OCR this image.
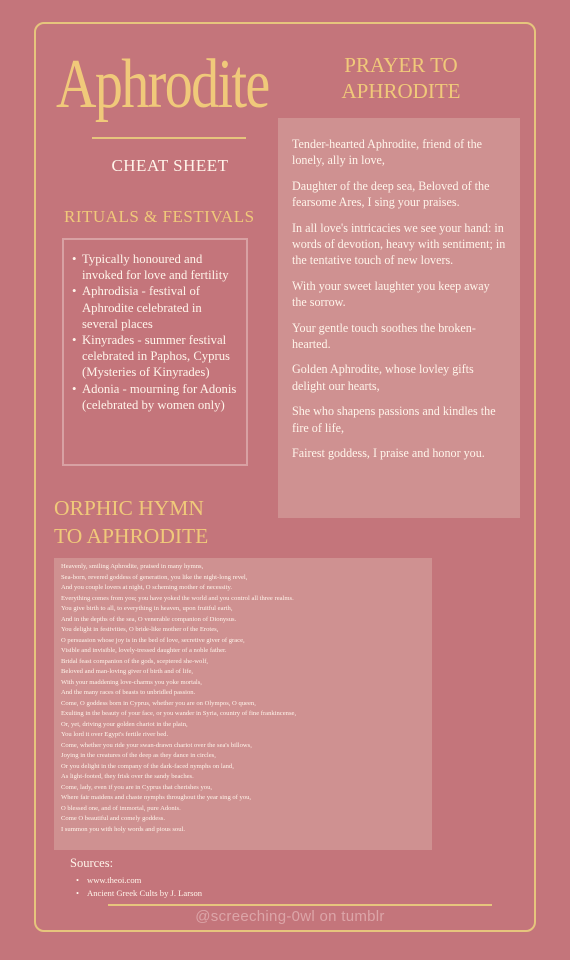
Aphrodite
CHEAT SHEET
RITUALS & FESTIVALS
• Typically honoured and invoked for love and fertility
• Aphrodisia - festival of Aphrodite celebrated in several places
• Kinyrades - summer festival celebrated in Paphos, Cyprus (Mysteries of Kinyrades)
• Adonia - mourning for Adonis (celebrated by women only)
PRAYER TO APHRODITE

Tender-hearted Aphrodite, friend of the lonely, ally in love,

Daughter of the deep sea, Beloved of the fearsome Ares, I sing your praises.

In all love's intricacies we see your hand: in words of devotion, heavy with sentiment; in the tentative touch of new lovers.

With your sweet laughter you keep away the sorrow.

Your gentle touch soothes the broken-hearted.

Golden Aphrodite, whose lovley gifts delight our hearts,

She who shapens passions and kindles the fire of life,

Fairest goddess, I praise and honor you.

ORPHIC HYMN
TO APHRODITE
Heavenly, smiling Aphrodite, praised in many hymns,
Sea-born, revered goddess of generation, you like the night-long revel,
And you couple lovers at night, O scheming mother of necessity.
Everything comes from you; you have yoked the world and you control all three realms.
You give birth to all, to everything in heaven, upon fruitful earth,
And in the depths of the sea, O venerable companion of Dionysus.
You delight in festivities, O bride-like mother of the Erotes,
O persuasion whose joy is in the bed of love, secretive giver of grace,
Visible and invisible, lovely-tressed daughter of a noble father.
Bridal feast companion of the gods, sceptered she-wolf,
Beloved and man-loving giver of birth and of life,
With your maddening love-charms you yoke mortals,
And the many races of beasts to unbridled passion.
Come, O goddess born in Cyprus, whether you are on Olympos, O queen,
Exulting in the beauty of your face, or you wander in Syria, country of fine frankincense,
Or, yet, driving your golden chariot in the plain,
You lord it over Egypt's fertile river bed.
Come, whether you ride your swan-drawn chariot over the sea's billows,
Joying in the creatures of the deep as they dance in circles,
Or you delight in the company of the dark-faced nymphs on land,
As light-footed, they frisk over the sandy beaches.
Come, lady, even if you are in Cyprus that cherishes you,
Where fair maidens and chaste nymphs throughout the year sing of you,
O blessed one, and of immortal, pure Adonis.
Come O beautiful and comely goddess.
I summon you with holy words and pious soul.
Sources:
• www.theoi.com
• Ancient Greek Cults by J. Larson
@screeching-0wl on tumblr
